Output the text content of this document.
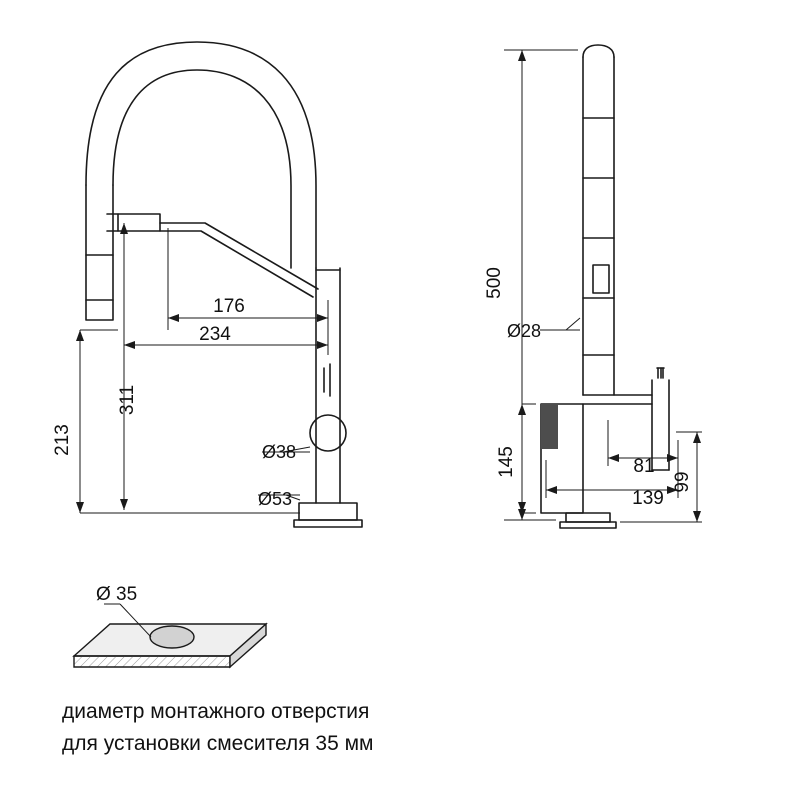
176
234
311
213	Ø38
Ø53
500
Ø28
145
99
81
139
Ø 35
диаметр монтажного отверстия
для установки смесителя 35 мм
